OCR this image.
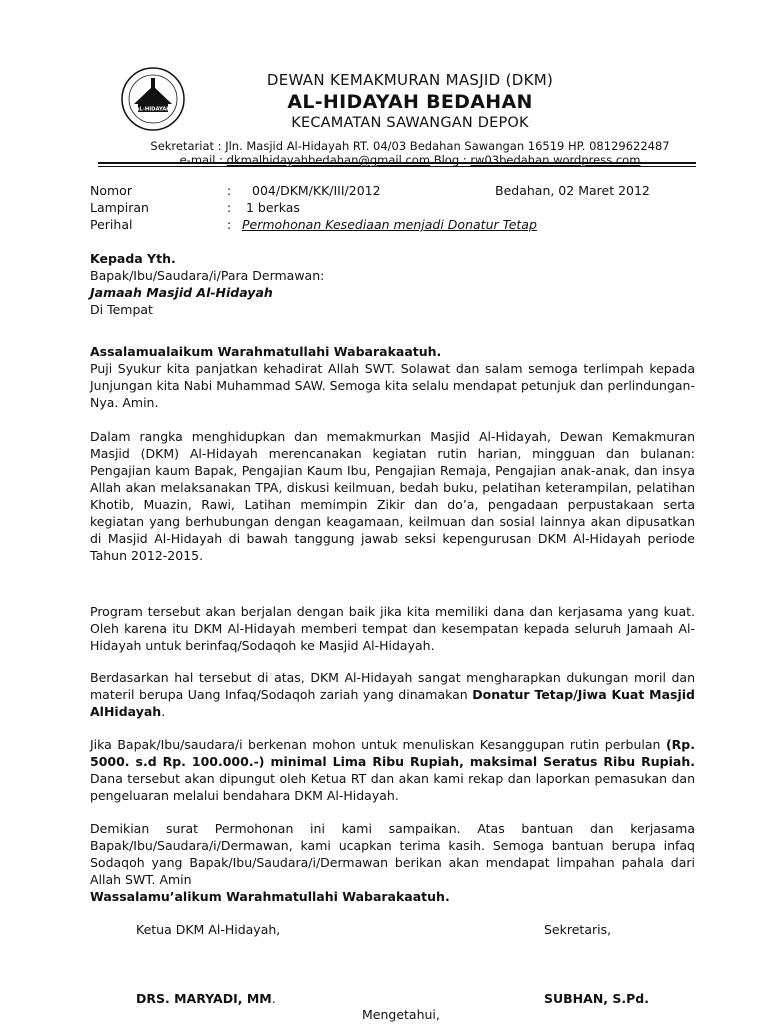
AL-HIDAYAH
DEWAN KEMAKMURAN MASJID (DKM)
AL-HIDAYAH BEDAHAN
KECAMATAN SAWANGAN DEPOK
Sekretariat : Jln. Masjid Al-Hidayah RT. 04/03 Bedahan Sawangan 16519 HP. 08129622487
e-mail : dkmalhidayahbedahan@gmail.com Blog : rw03bedahan.wordpress.com
Nomor	: 004/DKM/KK/III/2012	Bedahan, 02 Maret 2012
Lampiran	: 1 berkas
Perihal	: Permohonan Kesediaan menjadi Donatur Tetap
Kepada Yth.
Bapak/Ibu/Saudara/i/Para Dermawan:
Jamaah Masjid Al-Hidayah
Di Tempat
Assalamualaikum Warahmatullahi Wabarakaatuh.

Puji Syukur kita panjatkan kehadirat Allah SWT. Solawat dan salam semoga terlimpah kepada Junjungan kita Nabi Muhammad SAW. Semoga kita selalu mendapat petunjuk dan perlindungan-Nya. Amin.

Dalam rangka menghidupkan dan memakmurkan Masjid Al-Hidayah, Dewan Kemakmuran Masjid (DKM) Al-Hidayah merencanakan kegiatan rutin harian, mingguan dan bulanan: Pengajian kaum Bapak, Pengajian Kaum Ibu, Pengajian Remaja, Pengajian anak-anak, dan insya Allah akan melaksanakan TPA, diskusi keilmuan, bedah buku, pelatihan keterampilan, pelatihan Khotib, Muazin, Rawi, Latihan memimpin Zikir dan do’a, pengadaan perpustakaan serta kegiatan yang berhubungan dengan keagamaan, keilmuan dan sosial lainnya akan dipusatkan di Masjid Al-Hidayah di bawah tanggung jawab seksi kepengurusan DKM Al-Hidayah periode Tahun 2012-2015.

Program tersebut akan berjalan dengan baik jika kita memiliki dana dan kerjasama yang kuat. Oleh karena itu DKM Al-Hidayah memberi tempat dan kesempatan kepada seluruh Jamaah Al-Hidayah untuk berinfaq/Sodaqoh ke Masjid Al-Hidayah.

Berdasarkan hal tersebut di atas, DKM Al-Hidayah sangat mengharapkan dukungan moril dan materil berupa Uang Infaq/Sodaqoh zariah yang dinamakan Donatur Tetap/Jiwa Kuat Masjid AlHidayah.

Jika Bapak/Ibu/saudara/i berkenan mohon untuk menuliskan Kesanggupan rutin perbulan (Rp. 5000. s.d Rp. 100.000.-) minimal Lima Ribu Rupiah, maksimal Seratus Ribu Rupiah. Dana tersebut akan dipungut oleh Ketua RT dan akan kami rekap dan laporkan pemasukan dan pengeluaran melalui bendahara DKM Al-Hidayah.

Demikian surat Permohonan ini kami sampaikan. Atas bantuan dan kerjasama Bapak/Ibu/Saudara/i/Dermawan, kami ucapkan terima kasih. Semoga bantuan berupa infaq Sodaqoh yang Bapak/Ibu/Saudara/i/Dermawan berikan akan mendapat limpahan pahala dari Allah SWT. Amin

Wassalamu’alikum Warahmatullahi Wabarakaatuh.
Ketua DKM Al-Hidayah,	Sekretaris,
DRS. MARYADI, MM.	SUBHAN, S.Pd.
Mengetahui,
